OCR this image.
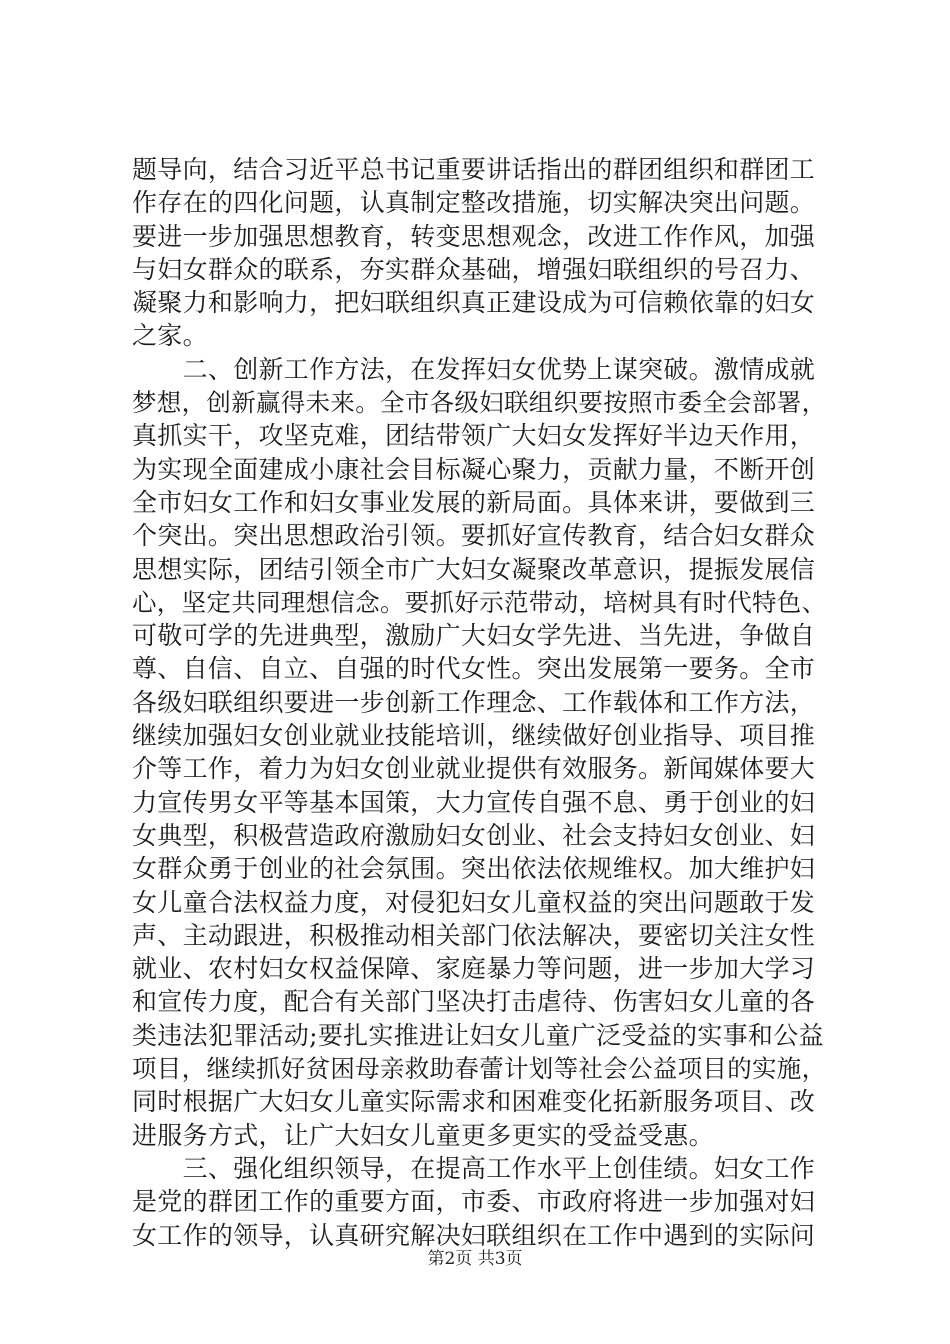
题导向，结合习近平总书记重要讲话指出的群团组织和群团工
作存在的四化问题，认真制定整改措施，切实解决突出问题。
要进一步加强思想教育，转变思想观念，改进工作作风，加强
与妇女群众的联系，夯实群众基础，增强妇联组织的号召力、
凝聚力和影响力，把妇联组织真正建设成为可信赖依靠的妇女
之家。
　　二、创新工作方法，在发挥妇女优势上谋突破。激情成就
梦想，创新赢得未来。全市各级妇联组织要按照市委全会部署，
真抓实干，攻坚克难，团结带领广大妇女发挥好半边天作用，
为实现全面建成小康社会目标凝心聚力，贡献力量，不断开创
全市妇女工作和妇女事业发展的新局面。具体来讲，要做到三
个突出。突出思想政治引领。要抓好宣传教育，结合妇女群众
思想实际，团结引领全市广大妇女凝聚改革意识，提振发展信
心，坚定共同理想信念。要抓好示范带动，培树具有时代特色、
可敬可学的先进典型，激励广大妇女学先进、当先进，争做自
尊、自信、自立、自强的时代女性。突出发展第一要务。全市
各级妇联组织要进一步创新工作理念、工作载体和工作方法，
继续加强妇女创业就业技能培训，继续做好创业指导、项目推
介等工作，着力为妇女创业就业提供有效服务。新闻媒体要大
力宣传男女平等基本国策，大力宣传自强不息、勇于创业的妇
女典型，积极营造政府激励妇女创业、社会支持妇女创业、妇
女群众勇于创业的社会氛围。突出依法依规维权。加大维护妇
女儿童合法权益力度，对侵犯妇女儿童权益的突出问题敢于发
声、主动跟进，积极推动相关部门依法解决，要密切关注女性
就业、农村妇女权益保障、家庭暴力等问题，进一步加大学习
和宣传力度，配合有关部门坚决打击虐待、伤害妇女儿童的各
类违法犯罪活动;要扎实推进让妇女儿童广泛受益的实事和公益
项目，继续抓好贫困母亲救助春蕾计划等社会公益项目的实施，
同时根据广大妇女儿童实际需求和困难变化拓新服务项目、改
进服务方式，让广大妇女儿童更多更实的受益受惠。
　　三、强化组织领导，在提高工作水平上创佳绩。妇女工作
是党的群团工作的重要方面，市委、市政府将进一步加强对妇
女工作的领导，认真研究解决妇联组织在工作中遇到的实际问
第2页 共3页
